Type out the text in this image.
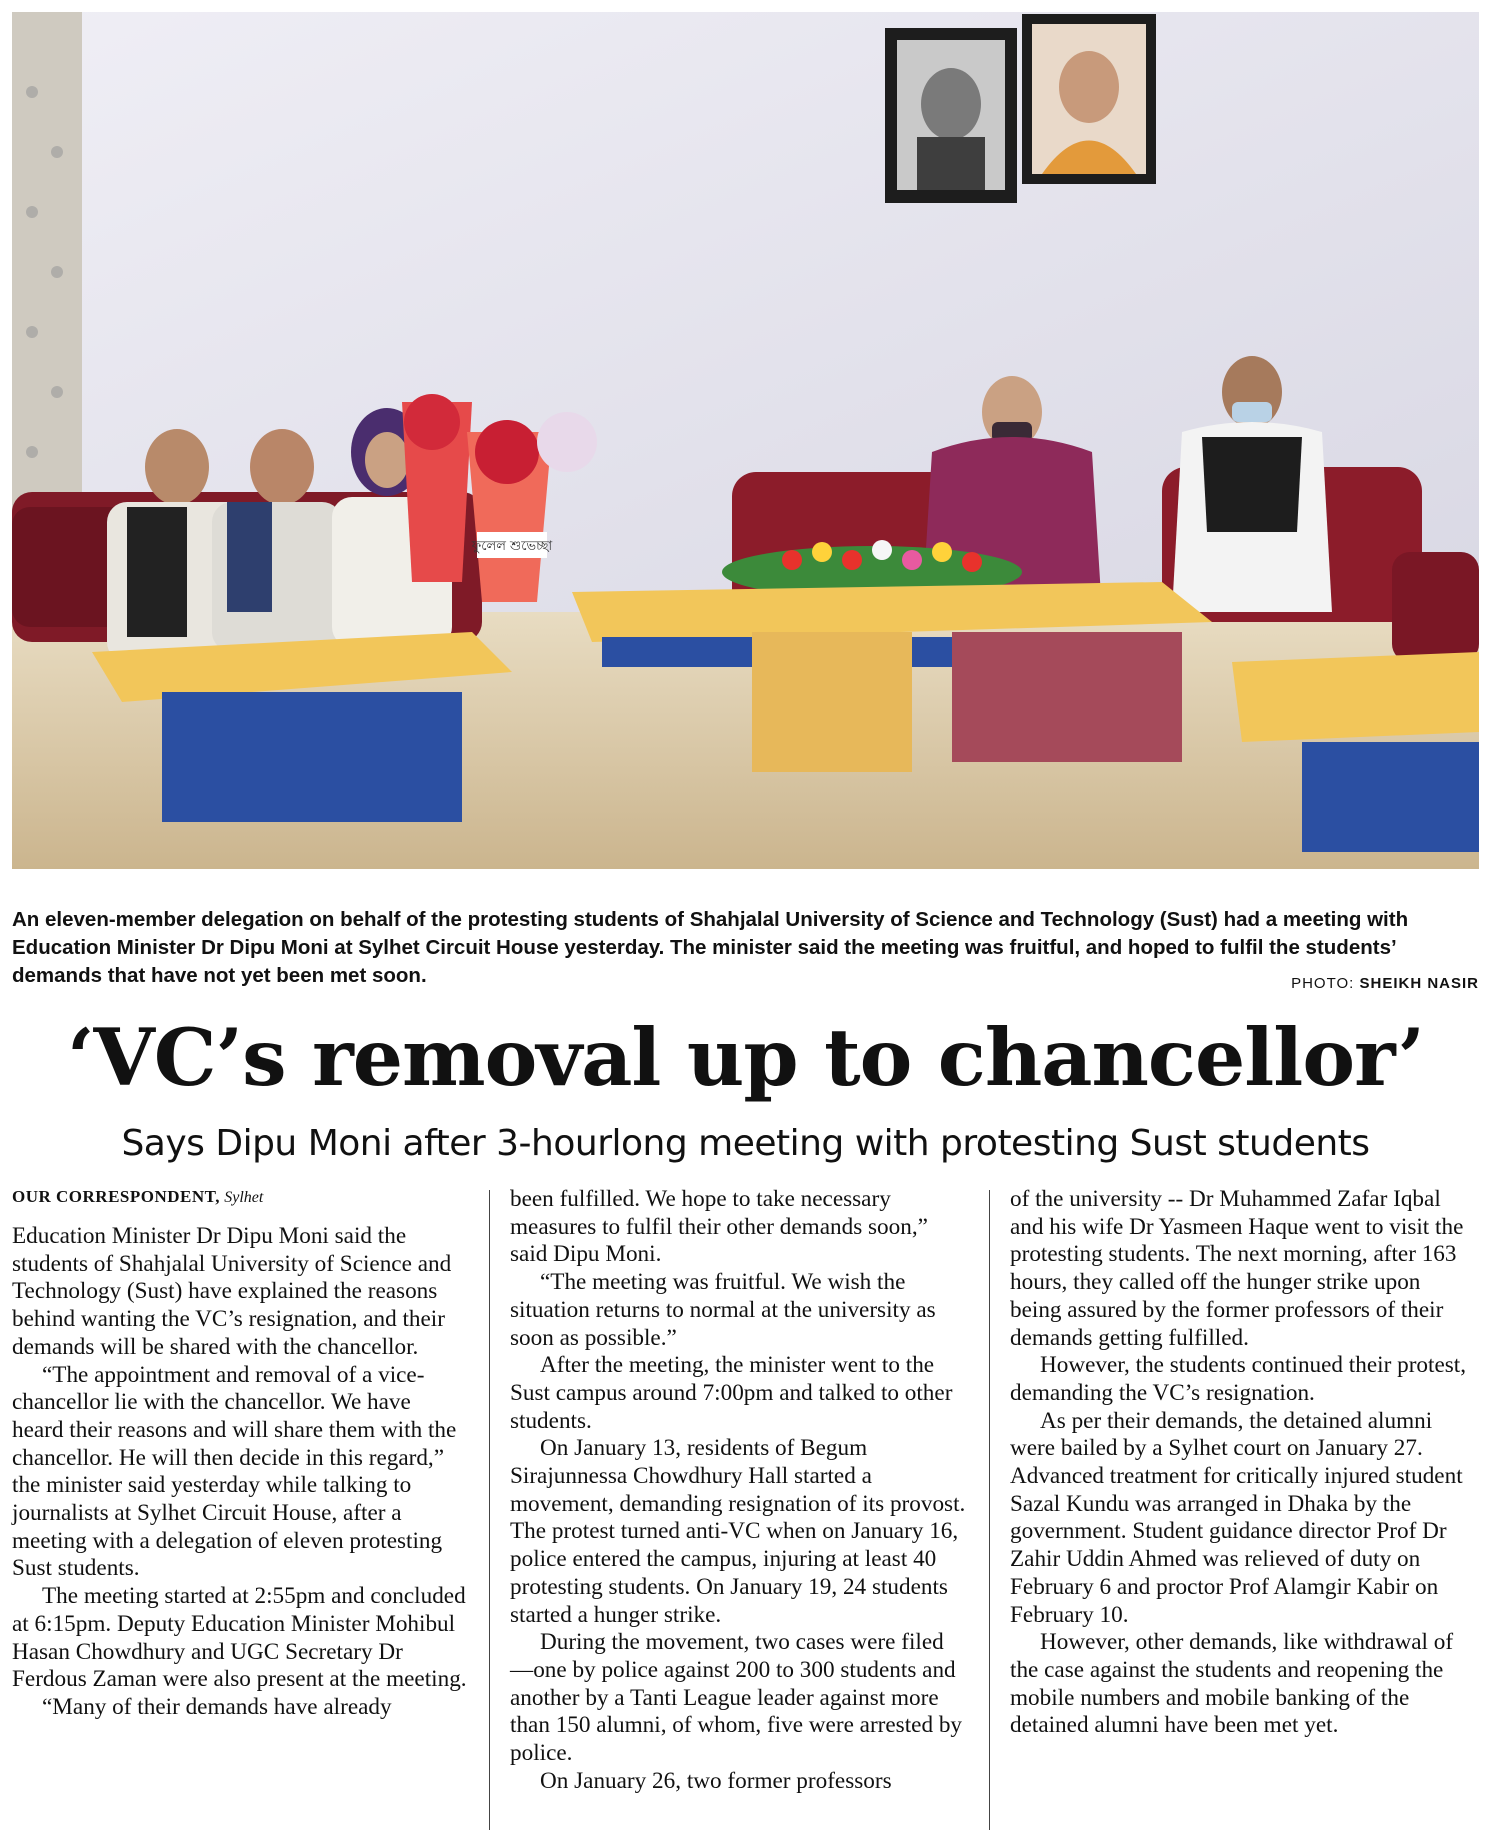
ফুলেল শুভেচ্ছা

An eleven-member delegation on behalf of the protesting students of Shahjalal University of Science and Technology (Sust) had a meeting with Education Minister Dr Dipu Moni at Sylhet Circuit House yesterday. The minister said the meeting was fruitful, and hoped to fulfil the students’ demands that have not yet been met soon.	PHOTO: SHEIKH NASIR
‘VC’s removal up to chancellor’
Says Dipu Moni after 3-hourlong meeting with protesting Sust students
OUR CORRESPONDENT, Sylhet

Education Minister Dr Dipu Moni said the students of Shahjalal University of Science and Technology (Sust) have explained the reasons behind wanting the VC’s resignation, and their demands will be shared with the chancellor.

“The appointment and removal of a vice-chancellor lie with the chancellor. We have heard their reasons and will share them with the chancellor. He will then decide in this regard,” the minister said yesterday while talking to journalists at Sylhet Circuit House, after a meeting with a delegation of eleven protesting Sust students.

The meeting started at 2:55pm and concluded at 6:15pm. Deputy Education Minister Mohibul Hasan Chowdhury and UGC Secretary Dr Ferdous Zaman were also present at the meeting.

“Many of their demands have already

been fulfilled. We hope to take necessary measures to fulfil their other demands soon,” said Dipu Moni.

“The meeting was fruitful. We wish the situation returns to normal at the university as soon as possible.”

After the meeting, the minister went to the Sust campus around 7:00pm and talked to other students.

On January 13, residents of Begum Sirajunnessa Chowdhury Hall started a movement, demanding resignation of its provost. The protest turned anti-VC when on January 16, police entered the campus, injuring at least 40 protesting students. On January 19, 24 students started a hunger strike.

During the movement, two cases were filed—one by police against 200 to 300 students and another by a Tanti League leader against more than 150 alumni, of whom, five were arrested by police.

On January 26, two former professors

of the university -- Dr Muhammed Zafar Iqbal and his wife Dr Yasmeen Haque went to visit the protesting students. The next morning, after 163 hours, they called off the hunger strike upon being assured by the former professors of their demands getting fulfilled.

However, the students continued their protest, demanding the VC’s resignation.

As per their demands, the detained alumni were bailed by a Sylhet court on January 27. Advanced treatment for critically injured student Sazal Kundu was arranged in Dhaka by the government. Student guidance director Prof Dr Zahir Uddin Ahmed was relieved of duty on February 6 and proctor Prof Alamgir Kabir on February 10.

However, other demands, like withdrawal of the case against the students and reopening the mobile numbers and mobile banking of the detained alumni have been met yet.
